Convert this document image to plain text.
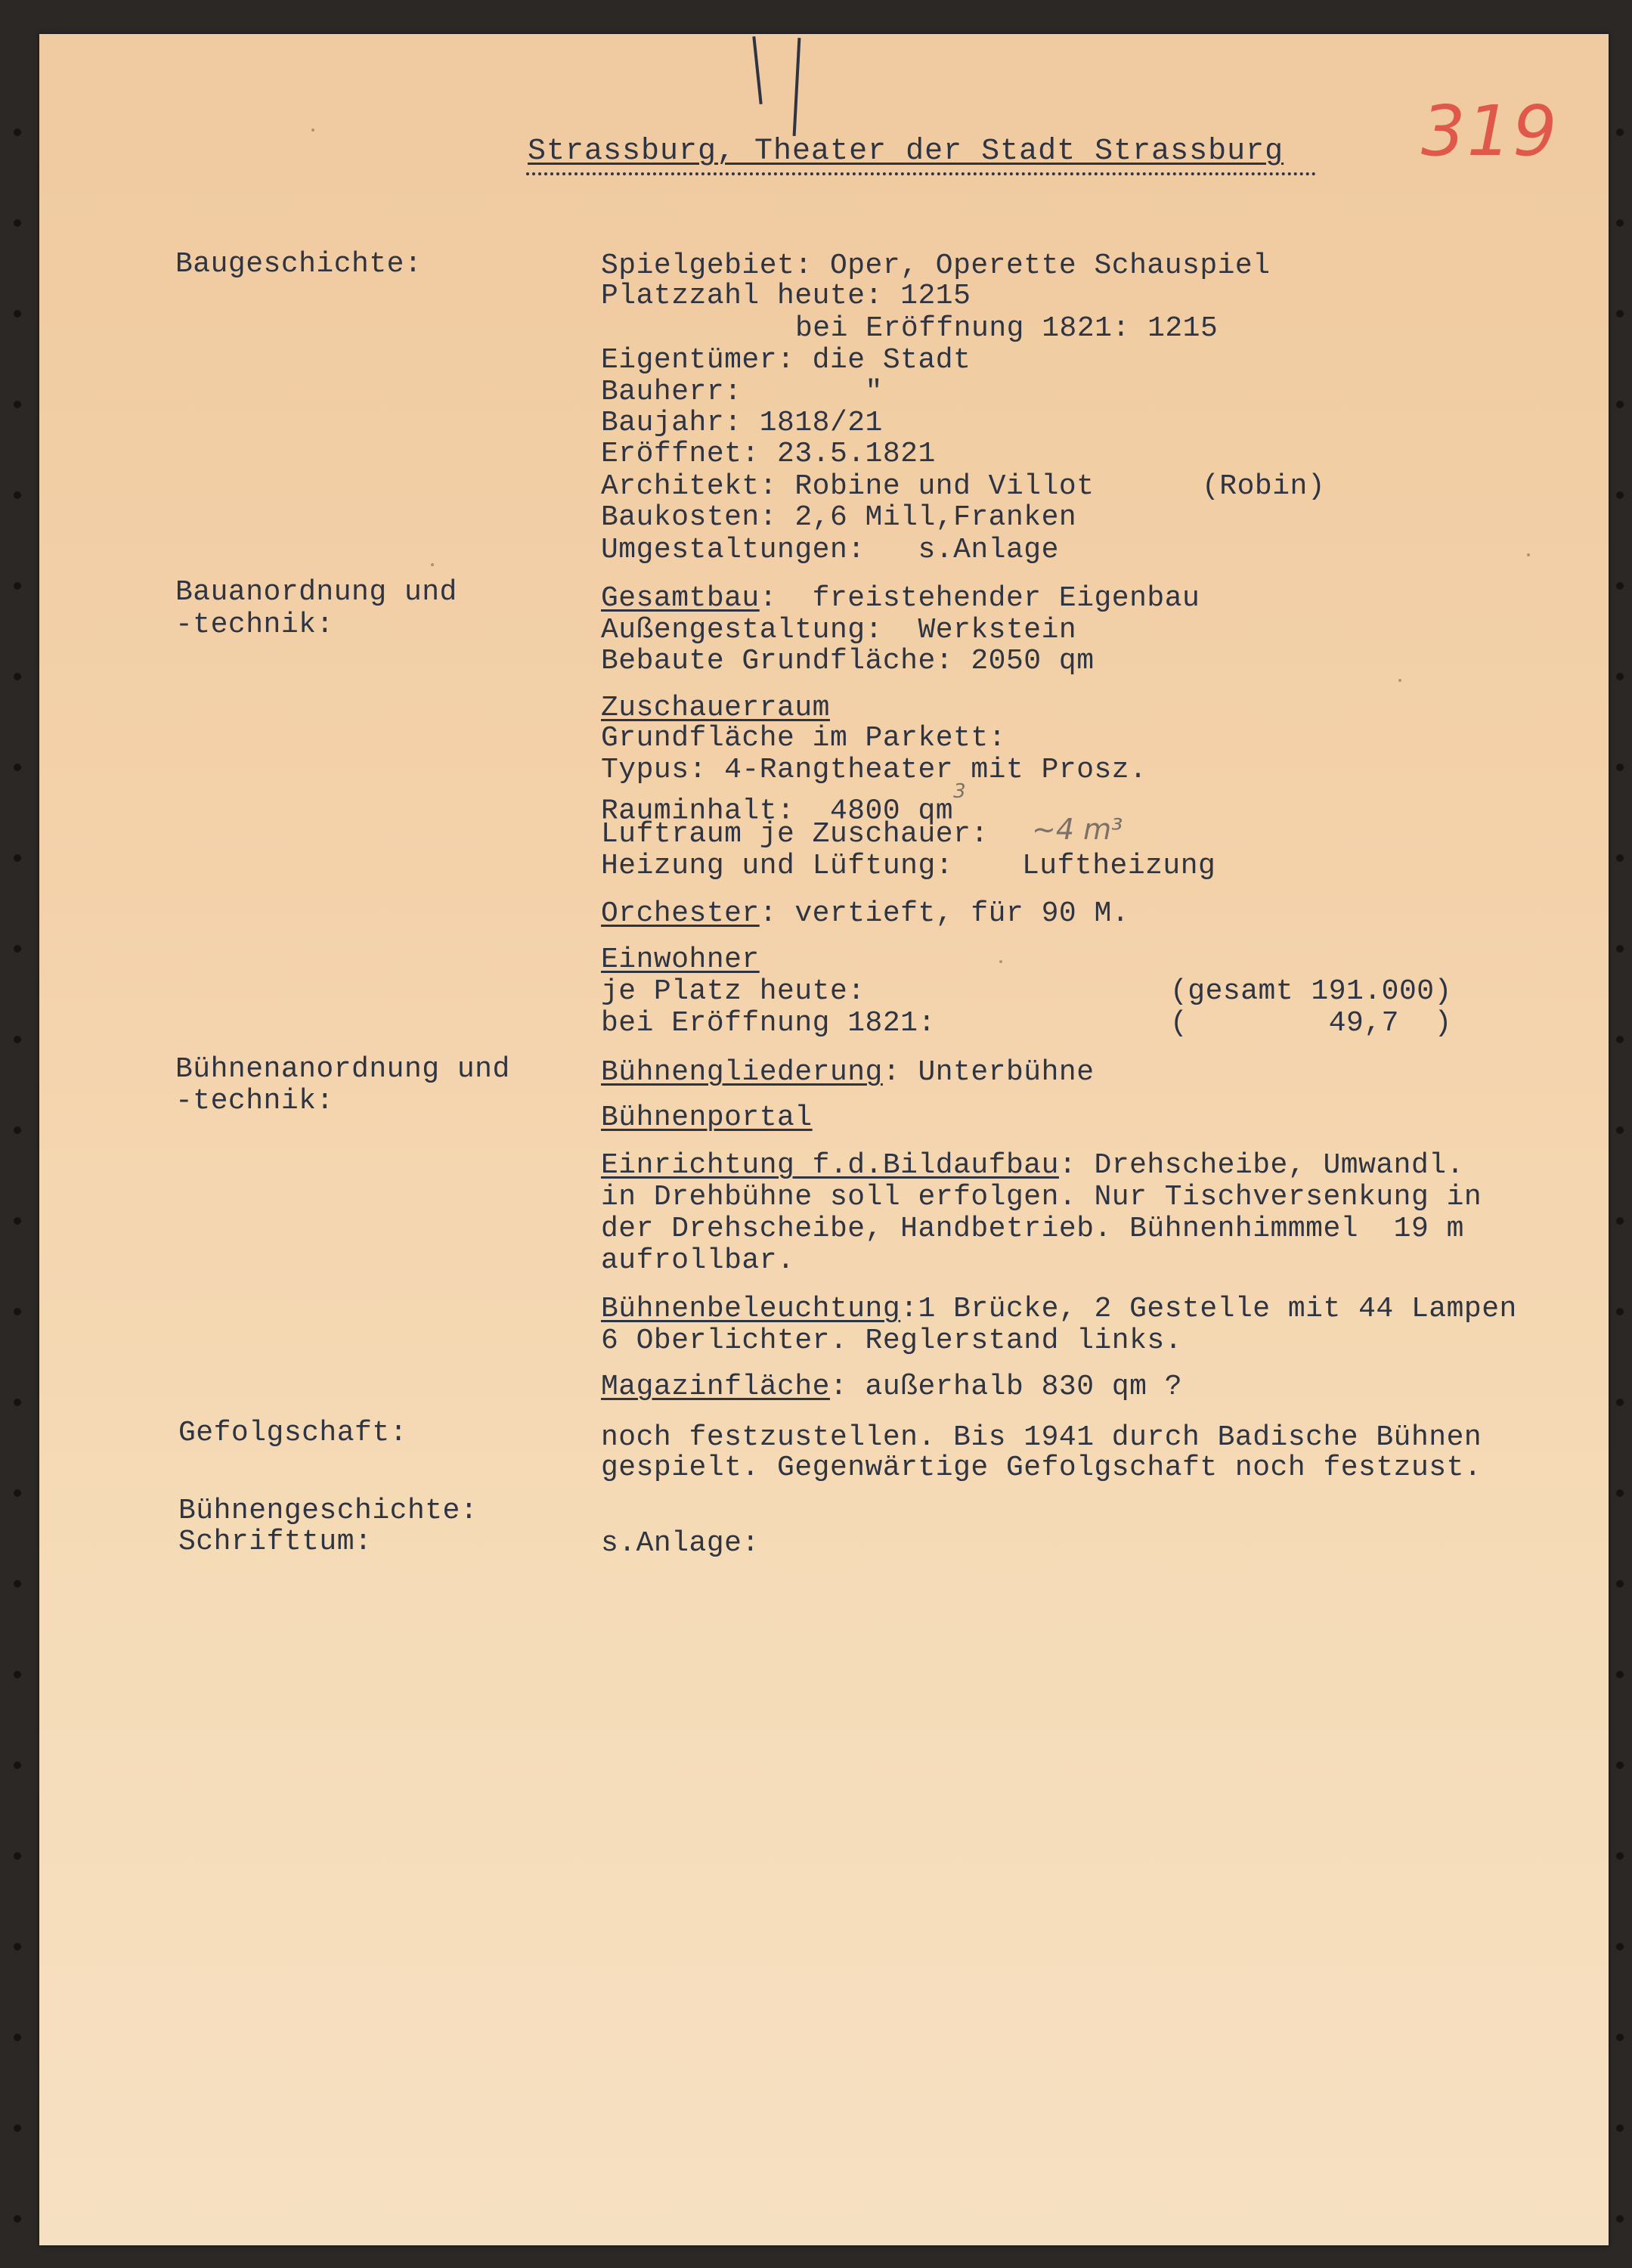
319
Strassburg, Theater der Stadt Strassburg
Baugeschichte:	Spielgebiet: Oper, Operette Schauspiel
Platzzahl heute: 1215
bei Eröffnung 1821: 1215
Eigentümer: die Stadt
Bauherr:       "
Baujahr: 1818/21
Eröffnet: 23.5.1821
Architekt: Robine und Villot	(Robin)
Baukosten: 2,6 Mill,Franken
Umgestaltungen:   s.Anlage
Bauanordnung und
-technik:
Gesamtbau:  freistehender Eigenbau
Außengestaltung:  Werkstein
Bebaute Grundfläche: 2050 qm
Zuschauerraum
Grundfläche im Parkett:
Typus: 4-Rangtheater mit Prosz.
Rauminhalt:  4800 $qm^3$
Luftraum je Zuschauer: ~4 m³
Heizung und Lüftung: Luftheizung
Orchester: vertieft, für 90 M.
Einwohner
je Platz heute:	(gesamt 191.000)
bei Eröffnung 1821:	(        49,7  )
Bühnenanordnung und
-technik:
Bühnengliederung: Unterbühne
Bühnenportal
Einrichtung f.d.Bildaufbau: Drehscheibe, Umwandl.
in Drehbühne soll erfolgen. Nur Tischversenkung in
der Drehscheibe, Handbetrieb. Bühnenhimmmel  19 m
aufrollbar.
Bühnenbeleuchtung:1 Brücke, 2 Gestelle mit 44 Lampen
6 Oberlichter. Reglerstand links.
Magazinfläche: außerhalb 830 qm ?
Gefolgschaft:	noch festzustellen. Bis 1941 durch Badische Bühnen
gespielt. Gegenwärtige Gefolgschaft noch festzust.
Bühnengeschichte:
Schrifttum:	s.Anlage:
